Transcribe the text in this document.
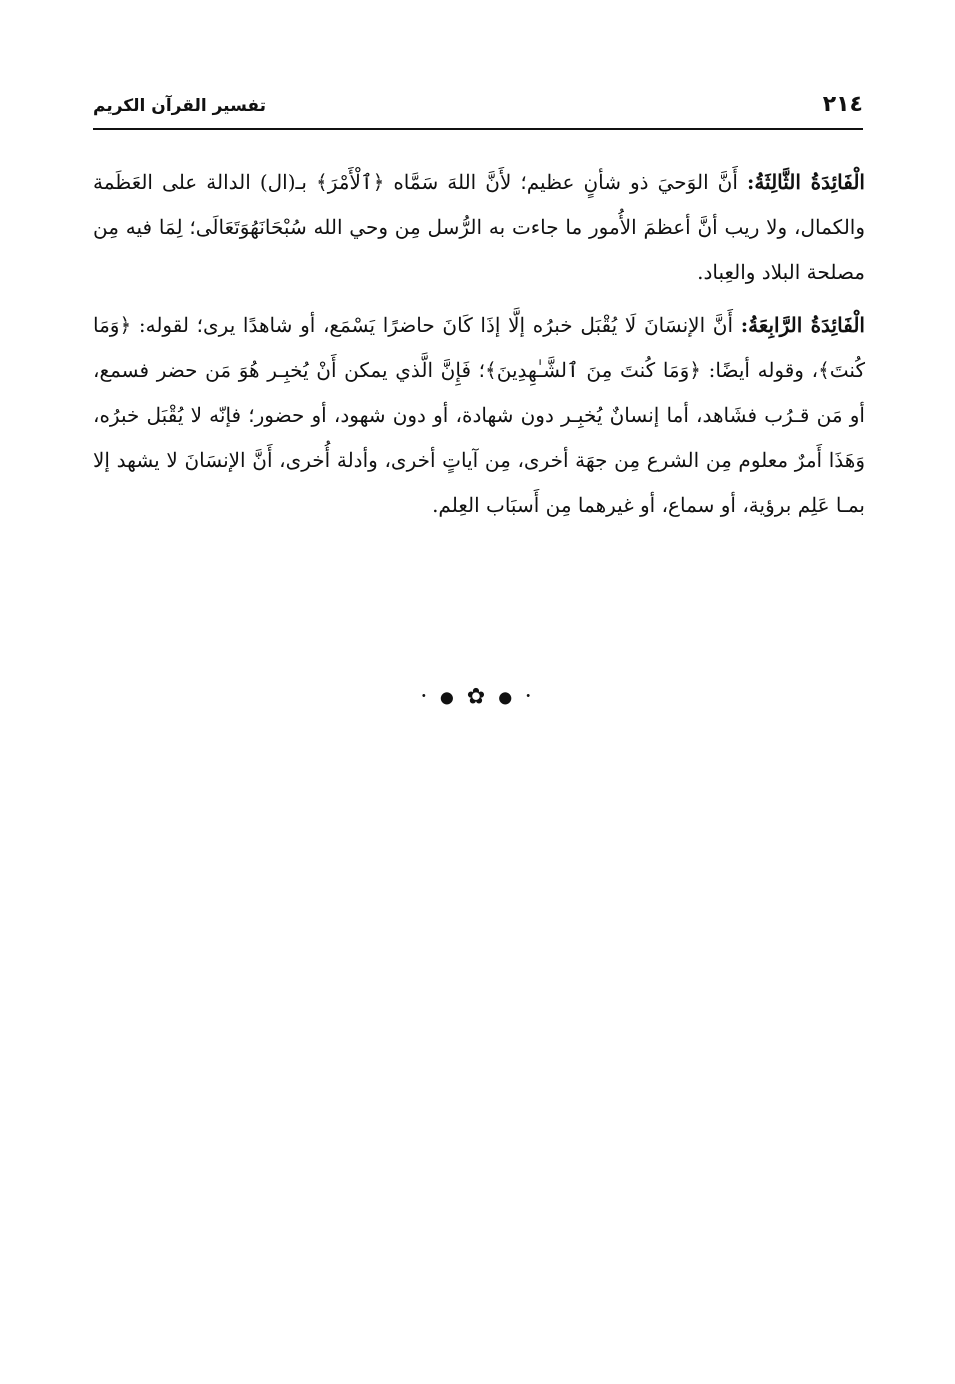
٢١٤
تفسير القرآن الكريم

الْفَائِدَةُ الثَّالِثَةُ: أَنَّ الوَحيَ ذو شأنٍ عظيم؛ لأَنَّ اللهَ سَمَّاه ﴿ٱلْأَمْرَ﴾ بـ(ال) الدالة على العَظَمة والكمال، ولا ريب أنَّ أعظمَ الأُمور ما جاءت به الرُّسل مِن وحي الله سُبْحَانَهُوَتَعَالَى؛ لِمَا فيه مِن مصلحة البلاد والعِباد.

الْفَائِدَةُ الرَّابِعَةُ: أَنَّ الإنسَانَ لَا يُقْبَل خبرُه إلَّا إذَا كَانَ حاضرًا يَسْمَع، أو شاهدًا يرى؛ لقوله: ﴿وَمَا كُنتَ﴾، وقوله أيضًا: ﴿وَمَا كُنتَ مِنَ ٱلشَّـٰهِدِينَ﴾؛ فَإِنَّ الَّذي يمكن أَنْ يُخبِـر هُوَ مَن حضر فسمع، أو مَن قـرُب فشَاهد، أما إنسانٌ يُخبِـر دون شهادة، أو دون شهود، أو حضور؛ فإنّه لا يُقْبَل خبرُه، وَهَذَا أَمرٌ معلوم مِن الشرع مِن جهَة أخرى، مِن آياتٍ أخرى، وأدلة أُخرى، أَنَّ الإنسَانَ لا يشهد إلا بمـا عَلِم برؤية، أو سماع، أو غيرهما مِن أَسبَاب العِلم.

• ● ✿ ● •
